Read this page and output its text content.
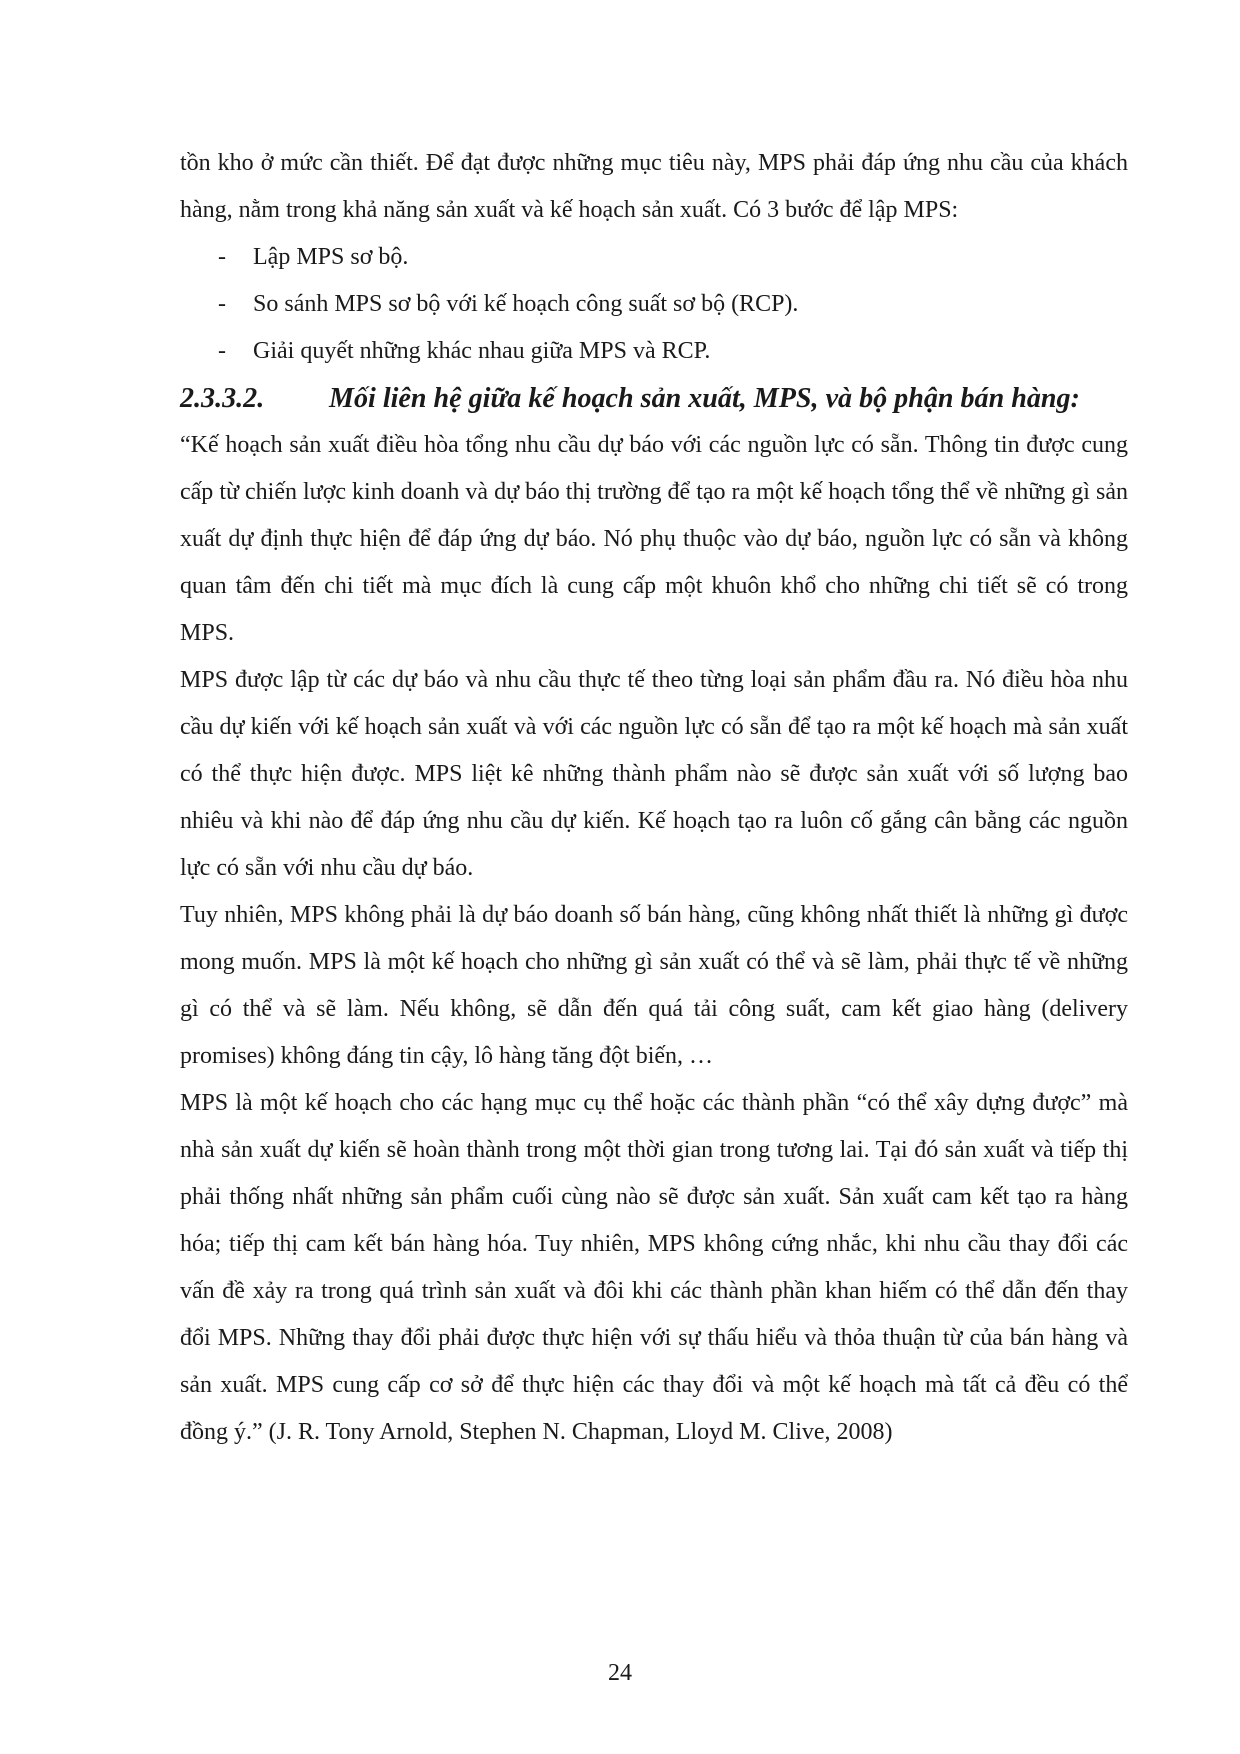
tồn kho ở mức cần thiết. Để đạt được những mục tiêu này, MPS phải đáp ứng nhu cầu của khách hàng, nằm trong khả năng sản xuất và kế hoạch sản xuất. Có 3 bước để lập MPS:

- Lập MPS sơ bộ.
- So sánh MPS sơ bộ với kế hoạch công suất sơ bộ (RCP).
- Giải quyết những khác nhau giữa MPS và RCP.
2.3.3.2.	Mối liên hệ giữa kế hoạch sản xuất, MPS, và bộ phận bán hàng:

“Kế hoạch sản xuất điều hòa tổng nhu cầu dự báo với các nguồn lực có sẵn. Thông tin được cung cấp từ chiến lược kinh doanh và dự báo thị trường để tạo ra một kế hoạch tổng thể về những gì sản xuất dự định thực hiện để đáp ứng dự báo. Nó phụ thuộc vào dự báo, nguồn lực có sẵn và không quan tâm đến chi tiết mà mục đích là cung cấp một khuôn khổ cho những chi tiết sẽ có trong MPS.

MPS được lập từ các dự báo và nhu cầu thực tế theo từng loại sản phẩm đầu ra. Nó điều hòa nhu cầu dự kiến với kế hoạch sản xuất và với các nguồn lực có sẵn để tạo ra một kế hoạch mà sản xuất có thể thực hiện được. MPS liệt kê những thành phẩm nào sẽ được sản xuất với số lượng bao nhiêu và khi nào để đáp ứng nhu cầu dự kiến. Kế hoạch tạo ra luôn cố gắng cân bằng các nguồn lực có sẵn với nhu cầu dự báo.

Tuy nhiên, MPS không phải là dự báo doanh số bán hàng, cũng không nhất thiết là những gì được mong muốn. MPS là một kế hoạch cho những gì sản xuất có thể và sẽ làm, phải thực tế về những gì có thể và sẽ làm. Nếu không, sẽ dẫn đến quá tải công suất, cam kết giao hàng (delivery promises) không đáng tin cậy, lô hàng tăng đột biến, …

MPS là một kế hoạch cho các hạng mục cụ thể hoặc các thành phần “có thể xây dựng được” mà nhà sản xuất dự kiến sẽ hoàn thành trong một thời gian trong tương lai. Tại đó sản xuất và tiếp thị phải thống nhất những sản phẩm cuối cùng nào sẽ được sản xuất. Sản xuất cam kết tạo ra hàng hóa; tiếp thị cam kết bán hàng hóa. Tuy nhiên, MPS không cứng nhắc, khi nhu cầu thay đổi các vấn đề xảy ra trong quá trình sản xuất và đôi khi các thành phần khan hiếm có thể dẫn đến thay đổi MPS. Những thay đổi phải được thực hiện với sự thấu hiểu và thỏa thuận từ của bán hàng và sản xuất. MPS cung cấp cơ sở để thực hiện các thay đổi và một kế hoạch mà tất cả đều có thể đồng ý.” (J. R. Tony Arnold, Stephen N. Chapman, Lloyd M. Clive, 2008)

24
